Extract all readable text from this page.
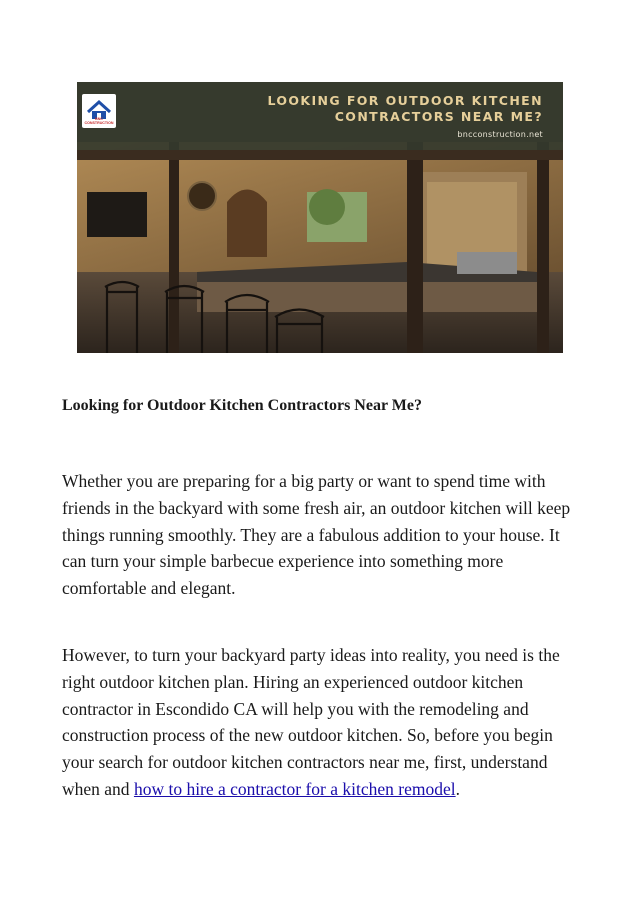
BNC CONSTRUCTION
LOOKING FOR OUTDOOR KITCHEN
CONTRACTORS NEAR ME?
bncconstruction.net
Looking for Outdoor Kitchen Contractors Near Me?

Whether you are preparing for a big party or want to spend time with friends in the backyard with some fresh air, an outdoor kitchen will keep things running smoothly. They are a fabulous addition to your house. It can turn your simple barbecue experience into something more comfortable and elegant.

However, to turn your backyard party ideas into reality, you need is the right outdoor kitchen plan. Hiring an experienced outdoor kitchen contractor in Escondido CA will help you with the remodeling and construction process of the new outdoor kitchen. So, before you begin your search for outdoor kitchen contractors near me, first, understand when and how to hire a contractor for a kitchen remodel.
